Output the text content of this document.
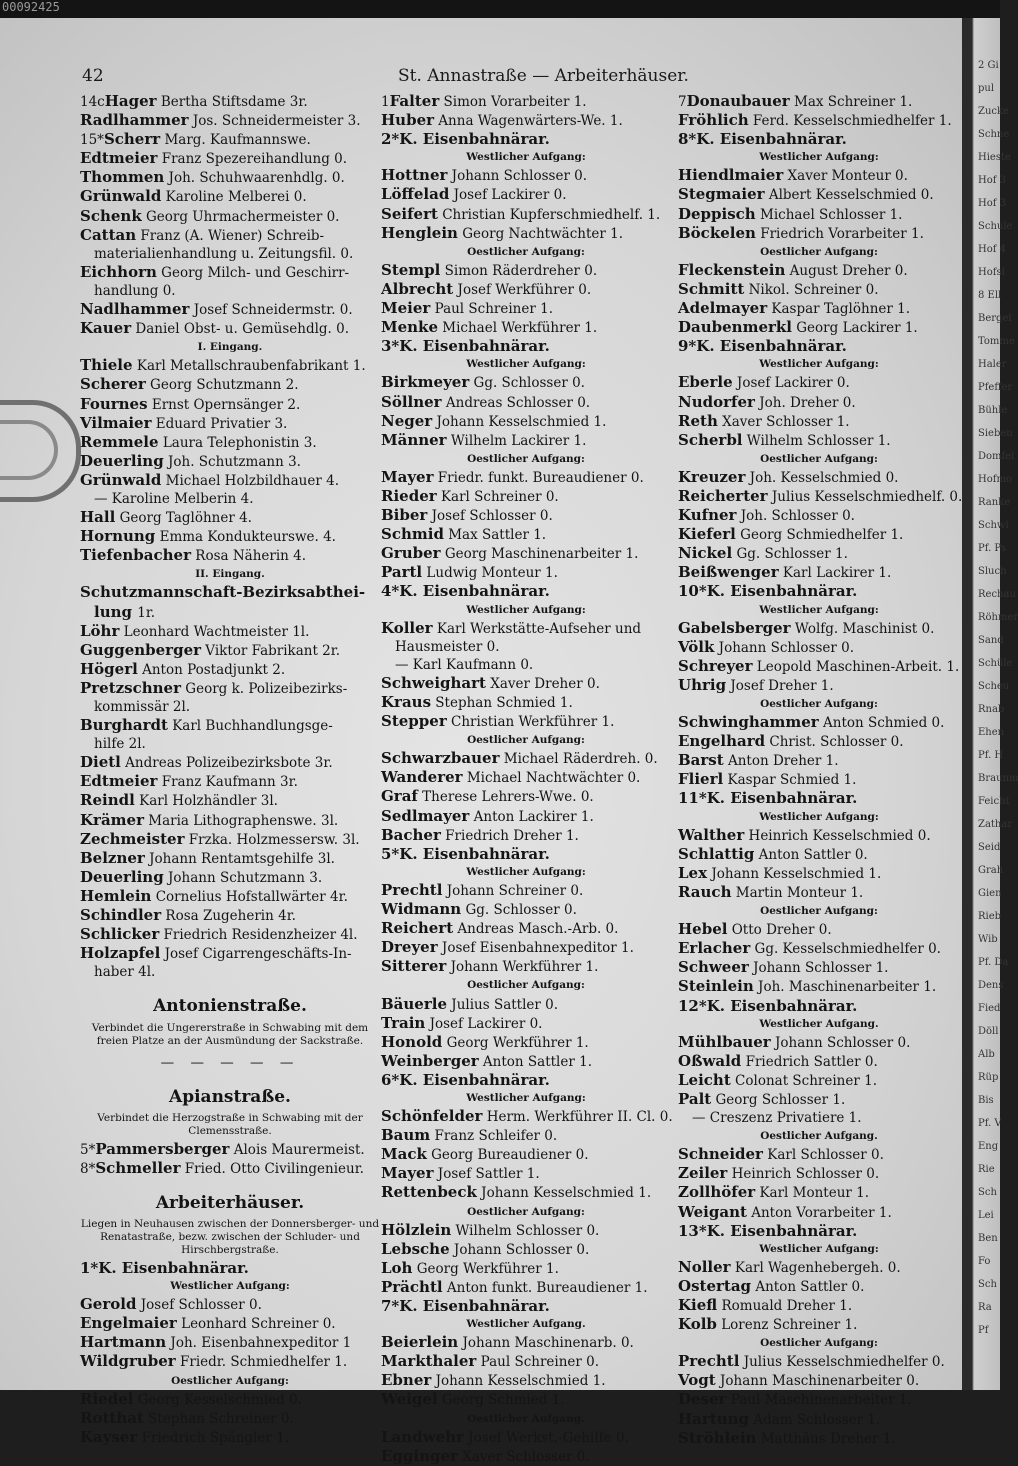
00092425
2 Gi
pul
Zucke
Schne
Hieste
Hof 3
Hof 3
Schule
Hof 4
Hofsl
8 Ell
Bergel
Tomme
Haler
Pfeffer
Bühle
Sieben
Domfel
Hofmo
Ranke
Schwi
Pf. Ps
Sluch
Rechau
Röhmer
Sand
Schüle
Scheu
Rnab
Ehen
Pf. H
Braunm
Feicht
Zathar
Seid
Grah
Gien
Rieb
Wib
Pf. Da
Dens
Fied
Döll
Alb
Rüp
Bis
Pf. V
Eng
Rie
Sch
Lei
Ben
Fo
Sch
Ra
Pf
42	St. Annastraße — Arbeiterhäuser.
14cHager Bertha Stiftsdame 3r.
Radlhammer Jos. Schneidermeister 3.
15*Scherr Marg. Kaufmannswe.
Edtmeier Franz Spezereihandlung 0.
Thommen Joh. Schuhwaarenhdlg. 0.
Grünwald Karoline Melberei 0.
Schenk Georg Uhrmachermeister 0.
Cattan Franz (A. Wiener) Schreib-
materialienhandlung u. Zeitungsfil. 0.
Eichhorn Georg Milch- und Geschirr-
handlung 0.
Nadlhammer Josef Schneidermstr. 0.
Kauer Daniel Obst- u. Gemüsehdlg. 0.
I. Eingang.
Thiele Karl Metallschraubenfabrikant 1.
Scherer Georg Schutzmann 2.
Fournes Ernst Opernsänger 2.
Vilmaier Eduard Privatier 3.
Remmele Laura Telephonistin 3.
Deuerling Joh. Schutzmann 3.
Grünwald Michael Holzbildhauer 4.
— Karoline Melberin 4.
Hall Georg Taglöhner 4.
Hornung Emma Kondukteurswe. 4.
Tiefenbacher Rosa Näherin 4.
II. Eingang.
Schutzmannschaft-Bezirksabthei-
lung 1r.
Löhr Leonhard Wachtmeister 1l.
Guggenberger Viktor Fabrikant 2r.
Högerl Anton Postadjunkt 2.
Pretzschner Georg k. Polizeibezirks-
kommissär 2l.
Burghardt Karl Buchhandlungsge-
hilfe 2l.
Dietl Andreas Polizeibezirksbote 3r.
Edtmeier Franz Kaufmann 3r.
Reindl Karl Holzhändler 3l.
Krämer Maria Lithographenswe. 3l.
Zechmeister Frzka. Holzmessersw. 3l.
Belzner Johann Rentamtsgehilfe 3l.
Deuerling Johann Schutzmann 3.
Hemlein Cornelius Hofstallwärter 4r.
Schindler Rosa Zugeherin 4r.
Schlicker Friedrich Residenzheizer 4l.
Holzapfel Josef Cigarrengeschäfts-In-
haber 4l.
Antonienstraße.
Verbindet die Ungererstraße in Schwabing mit dem freien Platze an der Ausmündung der Sackstraße.
— — — — —
Apianstraße.
Verbindet die Herzogstraße in Schwabing mit der Clemensstraße.
5*Pammersberger Alois Maurermeist.
8*Schmeller Fried. Otto Civilingenieur.
Arbeiterhäuser.
Liegen in Neuhausen zwischen der Donnersberger- und Renatastraße, bezw. zwischen der Schluder- und Hirschbergstraße.
1*K. Eisenbahnärar.
Westlicher Aufgang:
Gerold Josef Schlosser 0.
Engelmaier Leonhard Schreiner 0.
Hartmann Joh. Eisenbahnexpeditor 1
Wildgruber Friedr. Schmiedhelfer 1.
Oestlicher Aufgang:
Riedel Georg Kesselschmied 0.
Rotthat Stephan Schreiner 0.
Kayser Friedrich Spängler 1.
1Falter Simon Vorarbeiter 1.
Huber Anna Wagenwärters-We. 1.
2*K. Eisenbahnärar.
Westlicher Aufgang:
Hottner Johann Schlosser 0.
Löffelad Josef Lackirer 0.
Seifert Christian Kupferschmiedhelf. 1.
Henglein Georg Nachtwächter 1.
Oestlicher Aufgang:
Stempl Simon Räderdreher 0.
Albrecht Josef Werkführer 0.
Meier Paul Schreiner 1.
Menke Michael Werkführer 1.
3*K. Eisenbahnärar.
Westlicher Aufgang:
Birkmeyer Gg. Schlosser 0.
Söllner Andreas Schlosser 0.
Neger Johann Kesselschmied 1.
Männer Wilhelm Lackirer 1.
Oestlicher Aufgang:
Mayer Friedr. funkt. Bureaudiener 0.
Rieder Karl Schreiner 0.
Biber Josef Schlosser 0.
Schmid Max Sattler 1.
Gruber Georg Maschinenarbeiter 1.
Partl Ludwig Monteur 1.
4*K. Eisenbahnärar.
Westlicher Aufgang:
Koller Karl Werkstätte-Aufseher und
Hausmeister 0.
— Karl Kaufmann 0.
Schweighart Xaver Dreher 0.
Kraus Stephan Schmied 1.
Stepper Christian Werkführer 1.
Oestlicher Aufgang:
Schwarzbauer Michael Räderdreh. 0.
Wanderer Michael Nachtwächter 0.
Graf Therese Lehrers-Wwe. 0.
Sedlmayer Anton Lackirer 1.
Bacher Friedrich Dreher 1.
5*K. Eisenbahnärar.
Westlicher Aufgang:
Prechtl Johann Schreiner 0.
Widmann Gg. Schlosser 0.
Reichert Andreas Masch.-Arb. 0.
Dreyer Josef Eisenbahnexpeditor 1.
Sitterer Johann Werkführer 1.
Oestlicher Aufgang:
Bäuerle Julius Sattler 0.
Train Josef Lackirer 0.
Honold Georg Werkführer 1.
Weinberger Anton Sattler 1.
6*K. Eisenbahnärar.
Westlicher Aufgang:
Schönfelder Herm. Werkführer II. Cl. 0.
Baum Franz Schleifer 0.
Mack Georg Bureaudiener 0.
Mayer Josef Sattler 1.
Rettenbeck Johann Kesselschmied 1.
Oestlicher Aufgang:
Hölzlein Wilhelm Schlosser 0.
Lebsche Johann Schlosser 0.
Loh Georg Werkführer 1.
Prächtl Anton funkt. Bureaudiener 1.
7*K. Eisenbahnärar.
Westlicher Aufgang.
Beierlein Johann Maschinenarb. 0.
Markthaler Paul Schreiner 0.
Ebner Johann Kesselschmied 1.
Weigel Georg Schmied 1.
Oestlicher Aufgang.
Landwehr Josef Werkst.-Gehilfe 0.
Egginger Xaver Schlosser 0.
7Donaubauer Max Schreiner 1.
Fröhlich Ferd. Kesselschmiedhelfer 1.
8*K. Eisenbahnärar.
Westlicher Aufgang:
Hiendlmaier Xaver Monteur 0.
Stegmaier Albert Kesselschmied 0.
Deppisch Michael Schlosser 1.
Böckelen Friedrich Vorarbeiter 1.
Oestlicher Aufgang:
Fleckenstein August Dreher 0.
Schmitt Nikol. Schreiner 0.
Adelmayer Kaspar Taglöhner 1.
Daubenmerkl Georg Lackirer 1.
9*K. Eisenbahnärar.
Westlicher Aufgang:
Eberle Josef Lackirer 0.
Nudorfer Joh. Dreher 0.
Reth Xaver Schlosser 1.
Scherbl Wilhelm Schlosser 1.
Oestlicher Aufgang:
Kreuzer Joh. Kesselschmied 0.
Reicherter Julius Kesselschmiedhelf. 0.
Kufner Joh. Schlosser 0.
Kieferl Georg Schmiedhelfer 1.
Nickel Gg. Schlosser 1.
Beißwenger Karl Lackirer 1.
10*K. Eisenbahnärar.
Westlicher Aufgang:
Gabelsberger Wolfg. Maschinist 0.
Völk Johann Schlosser 0.
Schreyer Leopold Maschinen-Arbeit. 1.
Uhrig Josef Dreher 1.
Oestlicher Aufgang:
Schwinghammer Anton Schmied 0.
Engelhard Christ. Schlosser 0.
Barst Anton Dreher 1.
Flierl Kaspar Schmied 1.
11*K. Eisenbahnärar.
Westlicher Aufgang:
Walther Heinrich Kesselschmied 0.
Schlattig Anton Sattler 0.
Lex Johann Kesselschmied 1.
Rauch Martin Monteur 1.
Oestlicher Aufgang:
Hebel Otto Dreher 0.
Erlacher Gg. Kesselschmiedhelfer 0.
Schweer Johann Schlosser 1.
Steinlein Joh. Maschinenarbeiter 1.
12*K. Eisenbahnärar.
Westlicher Aufgang.
Mühlbauer Johann Schlosser 0.
Oßwald Friedrich Sattler 0.
Leicht Colonat Schreiner 1.
Palt Georg Schlosser 1.
— Creszenz Privatiere 1.
Oestlicher Aufgang.
Schneider Karl Schlosser 0.
Zeiler Heinrich Schlosser 0.
Zollhöfer Karl Monteur 1.
Weigant Anton Vorarbeiter 1.
13*K. Eisenbahnärar.
Westlicher Aufgang:
Noller Karl Wagenhebergeh. 0.
Ostertag Anton Sattler 0.
Kiefl Romuald Dreher 1.
Kolb Lorenz Schreiner 1.
Oestlicher Aufgang:
Prechtl Julius Kesselschmiedhelfer 0.
Vogt Johann Maschinenarbeiter 0.
Deser Paul Maschinenarbeiter 1.
Hartung Adam Schlosser 1.
Ströhlein Matthäus Dreher 1.
